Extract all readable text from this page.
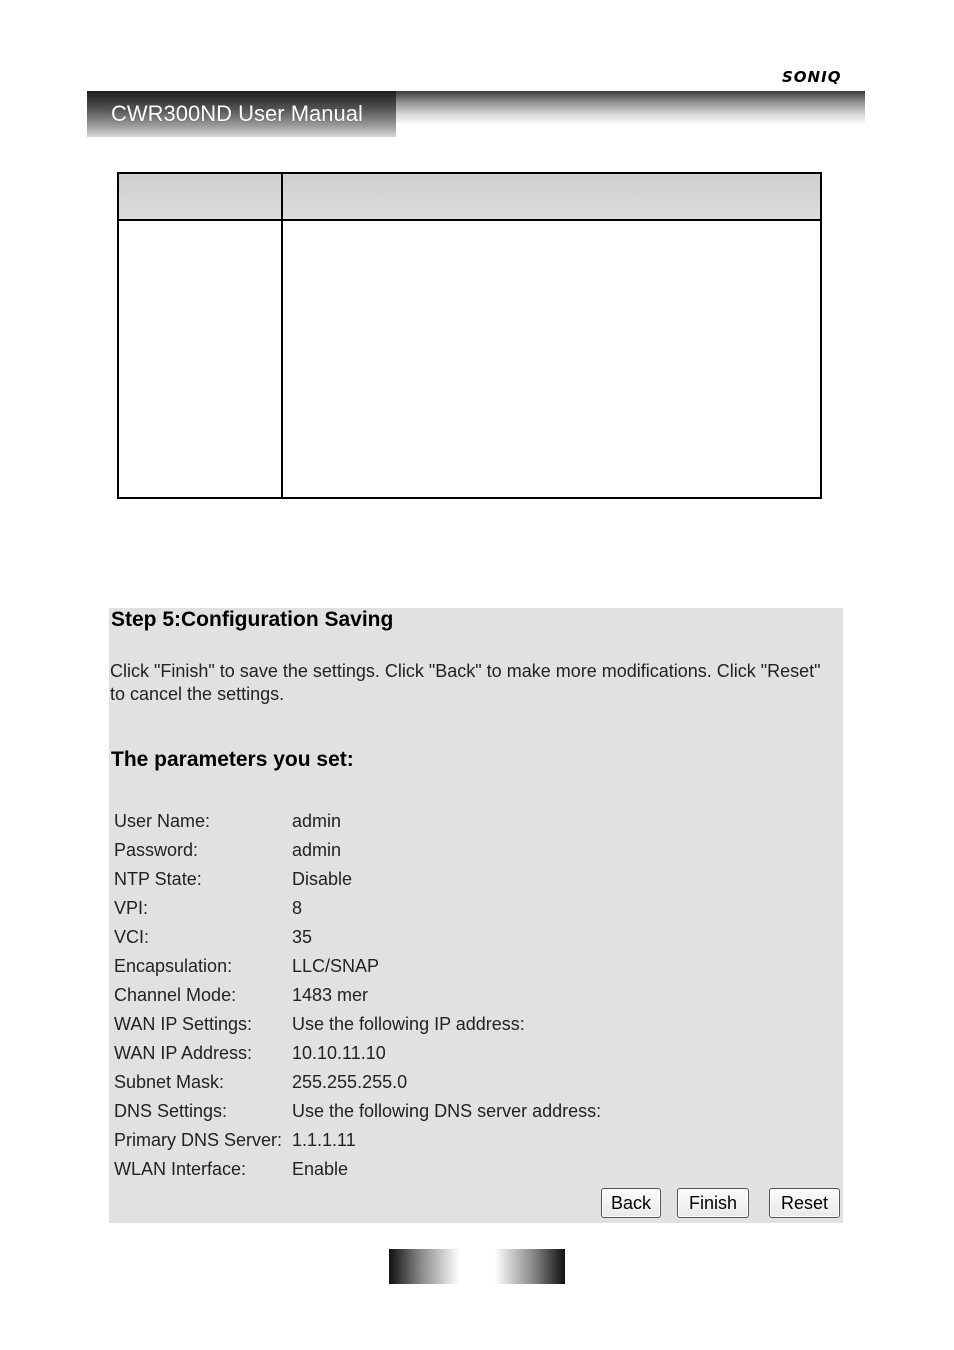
SONIQ
CWR300ND User Manual
Step 5:Configuration Saving
Click "Finish" to save the settings. Click "Back" to make more modifications. Click "Reset" to cancel the settings.
The parameters you set:
User Name:	admin
Password:	admin
NTP State:	Disable
VPI:	8
VCI:	35
Encapsulation:	LLC/SNAP
Channel Mode:	1483 mer
WAN IP Settings: Use the following IP address:
WAN IP Address: 10.10.11.10
Subnet Mask:	255.255.255.0
DNS Settings:	Use the following DNS server address:
Primary DNS Server: 1.1.1.11
WLAN Interface:	Enable
Back	Finish	Reset
